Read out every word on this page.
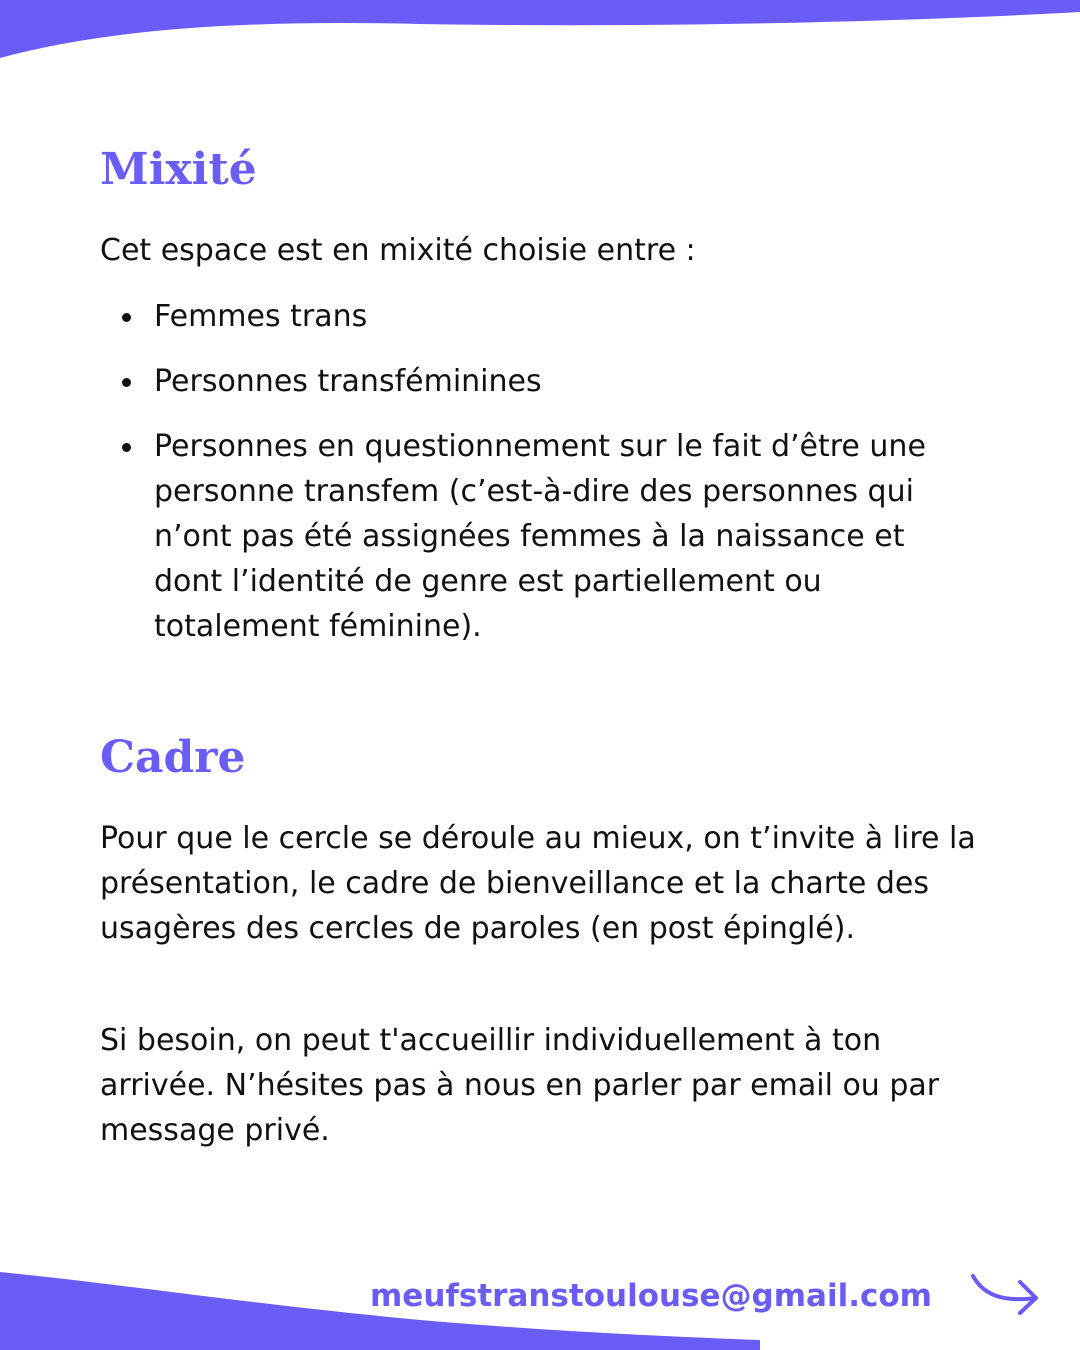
Mixité

Cet espace est en mixité choisie entre :

Femmes trans
Personnes transféminines
Personnes en questionnement sur le fait d’être une personne transfem (c’est-à-dire des personnes qui n’ont pas été assignées femmes à la naissance et dont l’identité de genre est partiellement ou totalement féminine).
Cadre

Pour que le cercle se déroule au mieux, on t’invite à lire la présentation, le cadre de bienveillance et la charte des usagères des cercles de paroles (en post épinglé).

Si besoin, on peut t'accueillir individuellement à ton arrivée. N’hésites pas à nous en parler par email ou par message privé.

meufstranstoulouse@gmail.com
